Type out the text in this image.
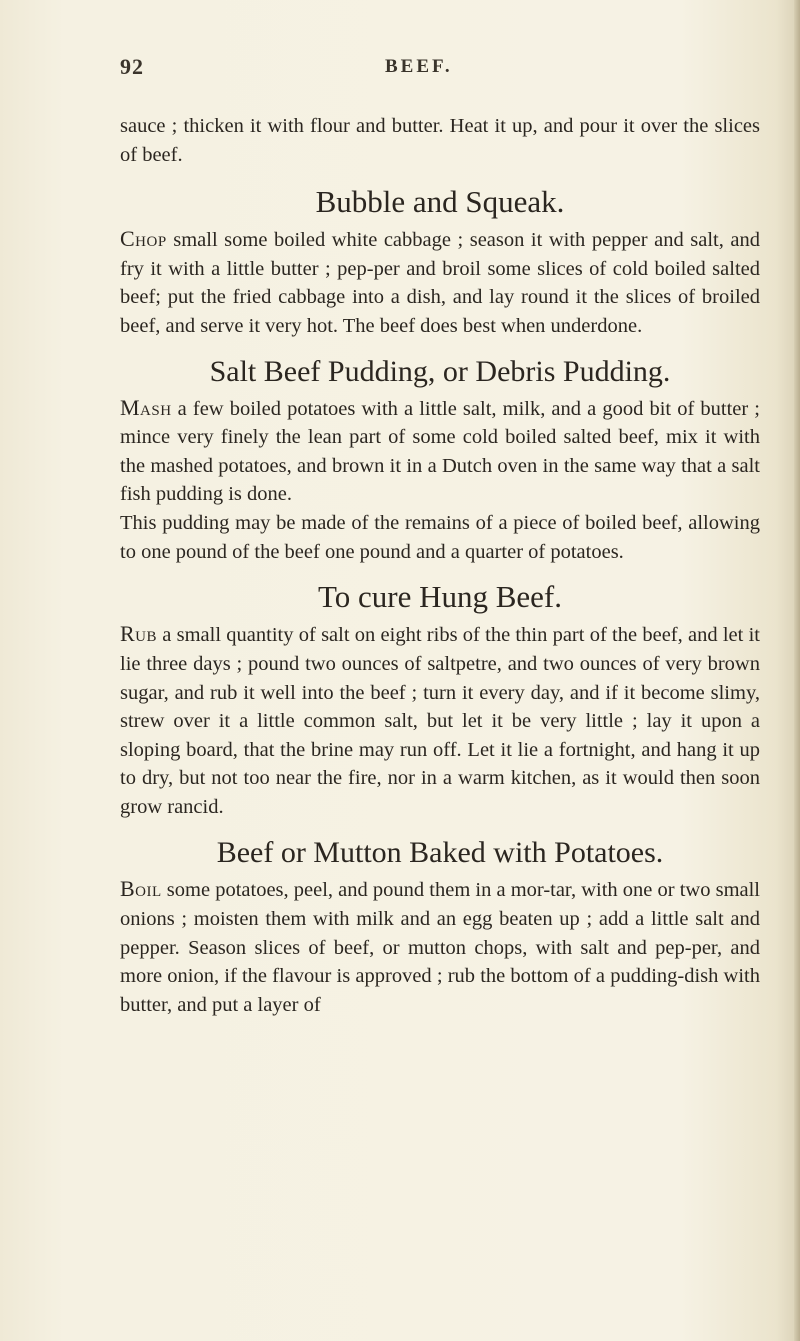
92	BEEF.

sauce ; thicken it with flour and butter. Heat it up, and pour it over the slices of beef.

Bubble and Squeak.

Chop small some boiled white cabbage ; season it with pepper and salt, and fry it with a little butter ; pep-per and broil some slices of cold boiled salted beef; put the fried cabbage into a dish, and lay round it the slices of broiled beef, and serve it very hot. The beef does best when underdone.

Salt Beef Pudding, or Debris Pudding.

Mash a few boiled potatoes with a little salt, milk, and a good bit of butter ; mince very finely the lean part of some cold boiled salted beef, mix it with the mashed potatoes, and brown it in a Dutch oven in the same way that a salt fish pudding is done.

This pudding may be made of the remains of a piece of boiled beef, allowing to one pound of the beef one pound and a quarter of potatoes.

To cure Hung Beef.

Rub a small quantity of salt on eight ribs of the thin part of the beef, and let it lie three days ; pound two ounces of saltpetre, and two ounces of very brown sugar, and rub it well into the beef ; turn it every day, and if it become slimy, strew over it a little common salt, but let it be very little ; lay it upon a sloping board, that the brine may run off. Let it lie a fortnight, and hang it up to dry, but not too near the fire, nor in a warm kitchen, as it would then soon grow rancid.

Beef or Mutton Baked with Potatoes.

Boil some potatoes, peel, and pound them in a mor-tar, with one or two small onions ; moisten them with milk and an egg beaten up ; add a little salt and pepper. Season slices of beef, or mutton chops, with salt and pep-per, and more onion, if the flavour is approved ; rub the bottom of a pudding-dish with butter, and put a layer of
